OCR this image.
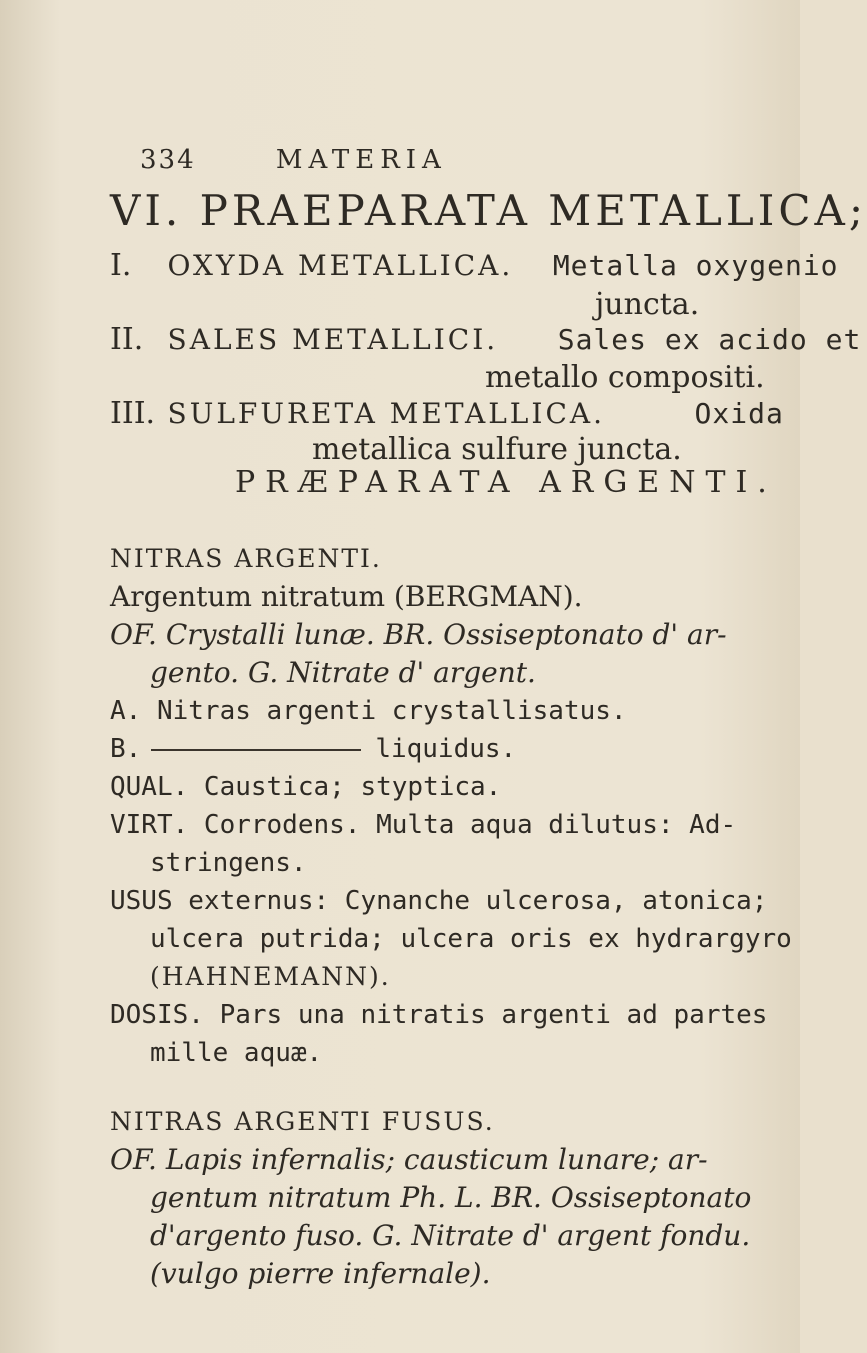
334	MATERIA
VI. PRAEPARATA METALLICA;
I. OXYDA METALLICA. Metalla oxygenio
juncta.
II. SALES METALLICI. Sales ex acido et
metallo compositi.
III. SULFURETA METALLICA.	Oxida
metallica sulfure juncta.
PRÆPARATA ARGENTI.
NITRAS ARGENTI.
Argentum nitratum (BERGMAN).
OF. Crystalli lunæ. BR. Ossiseptonato d' ar-
gento. G. Nitrate d' argent.
A. Nitras argenti crystallisatus.
B.	liquidus.
QUAL. Caustica; styptica.
VIRT. Corrodens. Multa aqua dilutus: Ad-
stringens.
USUS externus: Cynanche ulcerosa, atonica;
ulcera putrida; ulcera oris ex hydrargyro
(HAHNEMANN).
DOSIS. Pars una nitratis argenti ad partes
mille aquæ.
NITRAS ARGENTI FUSUS.
OF. Lapis infernalis; causticum lunare; ar-
gentum nitratum Ph. L. BR. Ossiseptonato
d'argento fuso. G. Nitrate d' argent fondu.
(vulgo pierre infernale).
